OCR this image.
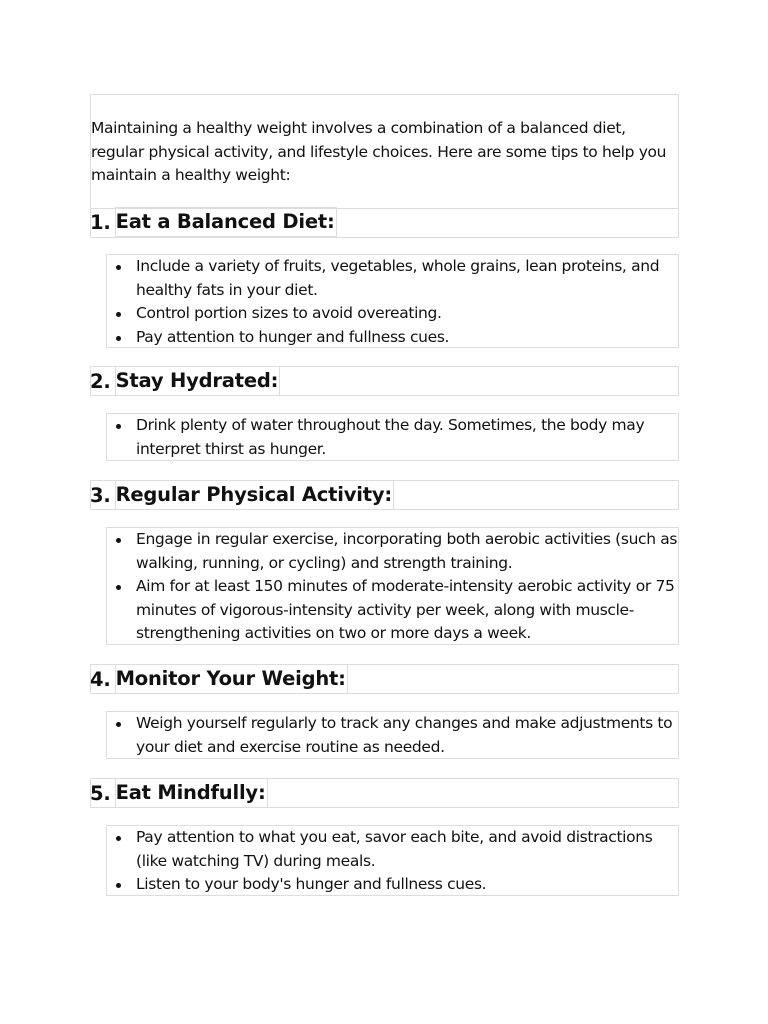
Maintaining a healthy weight involves a combination of a balanced diet, regular physical activity, and lifestyle choices. Here are some tips to help you maintain a healthy weight:

1. Eat a Balanced Diet:
Include a variety of fruits, vegetables, whole grains, lean proteins, and healthy fats in your diet.
Control portion sizes to avoid overeating.
Pay attention to hunger and fullness cues.
2. Stay Hydrated:
Drink plenty of water throughout the day. Sometimes, the body may interpret thirst as hunger.
3. Regular Physical Activity:
Engage in regular exercise, incorporating both aerobic activities (such as walking, running, or cycling) and strength training.
Aim for at least 150 minutes of moderate-intensity aerobic activity or 75 minutes of vigorous-intensity activity per week, along with muscle-strengthening activities on two or more days a week.
4. Monitor Your Weight:
Weigh yourself regularly to track any changes and make adjustments to your diet and exercise routine as needed.
5. Eat Mindfully:
Pay attention to what you eat, savor each bite, and avoid distractions (like watching TV) during meals.
Listen to your body's hunger and fullness cues.
